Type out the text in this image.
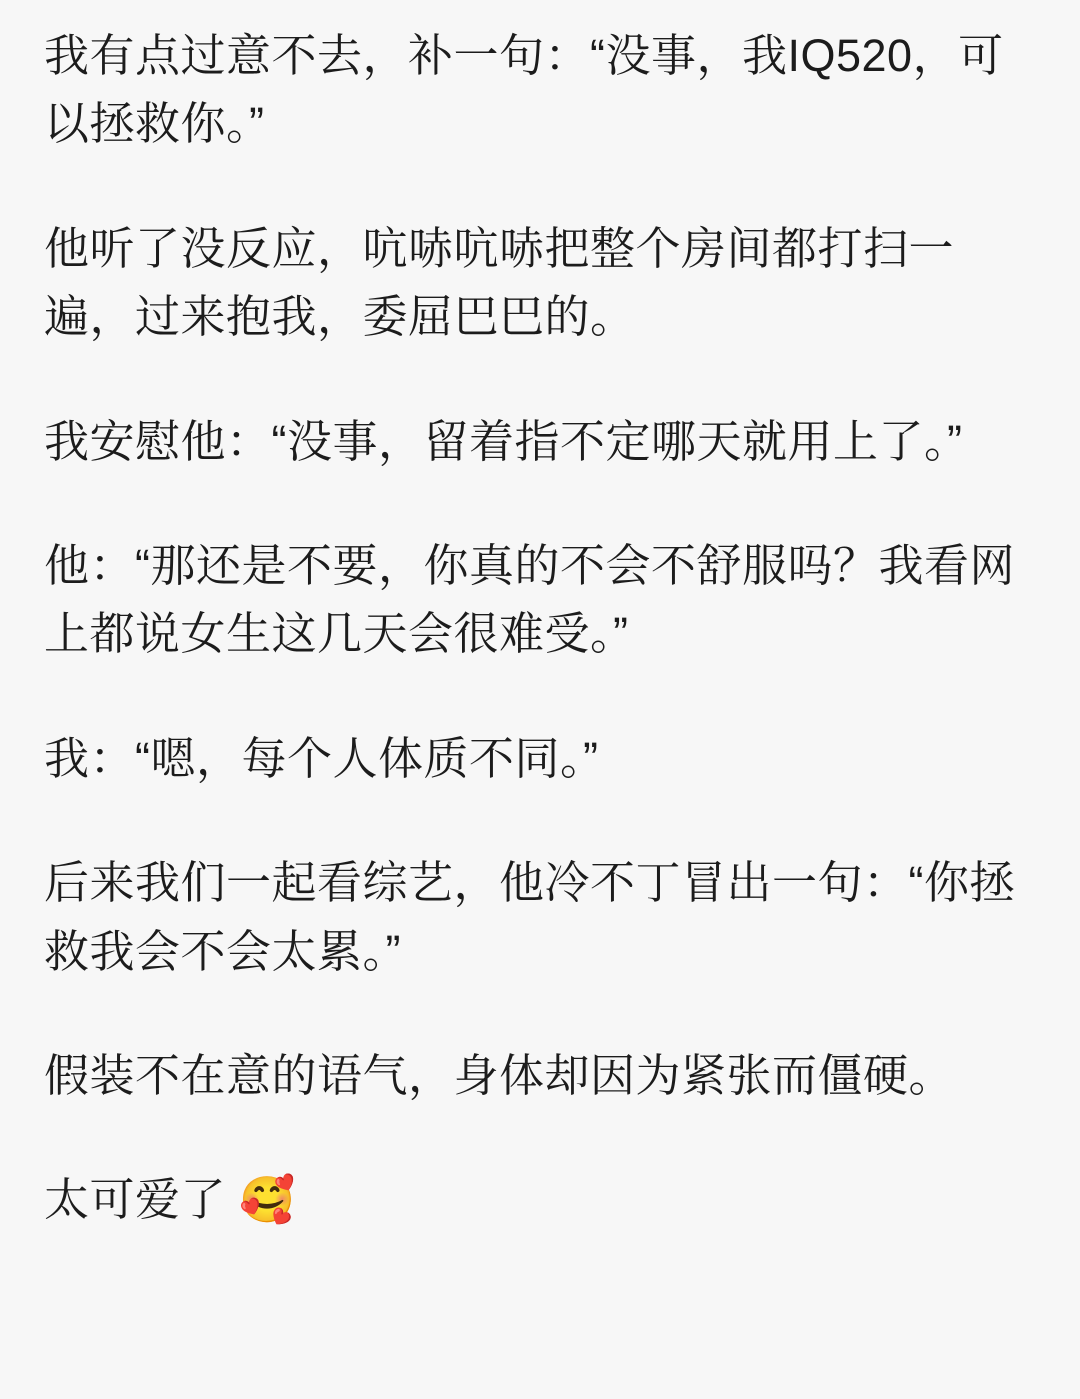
我有点过意不去，补一句：“没事，我IQ520，可以拯救你。”

他听了没反应，吭哧吭哧把整个房间都打扫一遍，过来抱我，委屈巴巴的。

我安慰他：“没事，留着指不定哪天就用上了。”

他：“那还是不要，你真的不会不舒服吗？我看网上都说女生这几天会很难受。”

我：“嗯，每个人体质不同。”

后来我们一起看综艺，他冷不丁冒出一句：“你拯救我会不会太累。”

假装不在意的语气，身体却因为紧张而僵硬。

太可爱了 🥰
